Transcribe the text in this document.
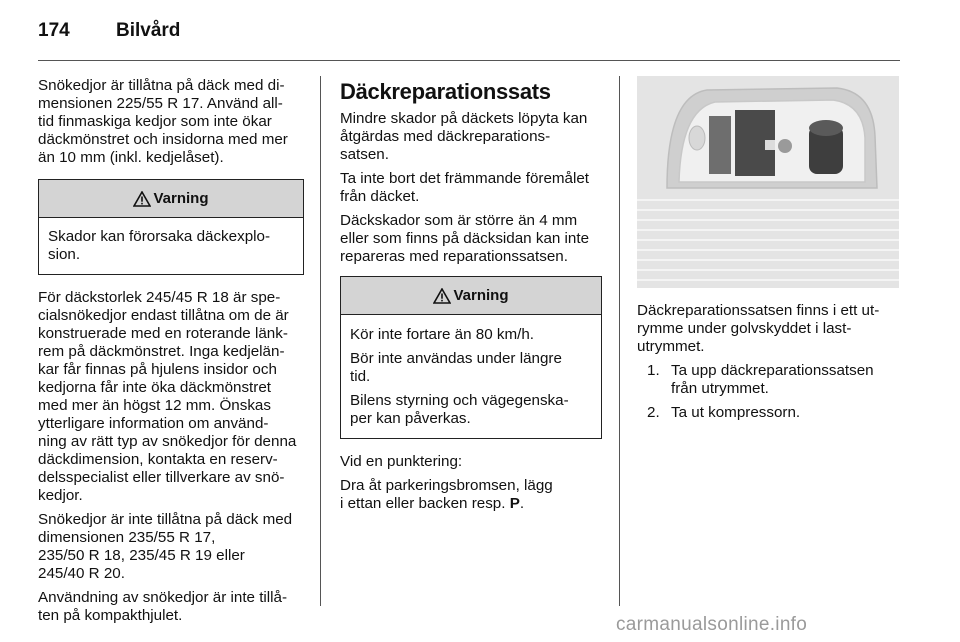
174 Bilvård

Snökedjor är tillåtna på däck med di-
mensionen 225/55 R 17. Använd all-
tid finmaskiga kedjor som inte ökar
däckmönstret och insidorna med mer
än 10 mm (inkl. kedjelåset).

Varning

Skador kan förorsaka däckexplo-
sion.

För däckstorlek 245/45 R 18 är spe-
cialsnökedjor endast tillåtna om de är
konstruerade med en roterande länk-
rem på däckmönstret. Inga kedjelän-
kar får finnas på hjulens insidor och
kedjorna får inte öka däckmönstret
med mer än högst 12 mm. Önskas
ytterligare information om använd-
ning av rätt typ av snökedjor för denna
däckdimension, kontakta en reserv-
delsspecialist eller tillverkare av snö-
kedjor.

Snökedjor är inte tillåtna på däck med
dimensionen 235/55 R 17,
235/50 R 18, 235/45 R 19 eller
245/40 R 20.

Användning av snökedjor är inte tillå-
ten på kompakthjulet.

Däckreparationssats

Mindre skador på däckets löpyta kan
åtgärdas med däckreparations-
satsen.

Ta inte bort det främmande föremålet
från däcket.

Däckskador som är större än 4 mm
eller som finns på däcksidan kan inte
repareras med reparationssatsen.

Varning

Kör inte fortare än 80 km/h.

Bör inte användas under längre
tid.

Bilens styrning och vägegenska-
per kan påverkas.

Vid en punktering:

Dra åt parkeringsbromsen, lägg
i ettan eller backen resp. P.

Däckreparationssatsen finns i ett ut-
rymme under golvskyddet i last-
utrymmet.

1. Ta upp däckreparationssatsen
från utrymmet.
2. Ta ut kompressorn.
carmanualsonline.info
